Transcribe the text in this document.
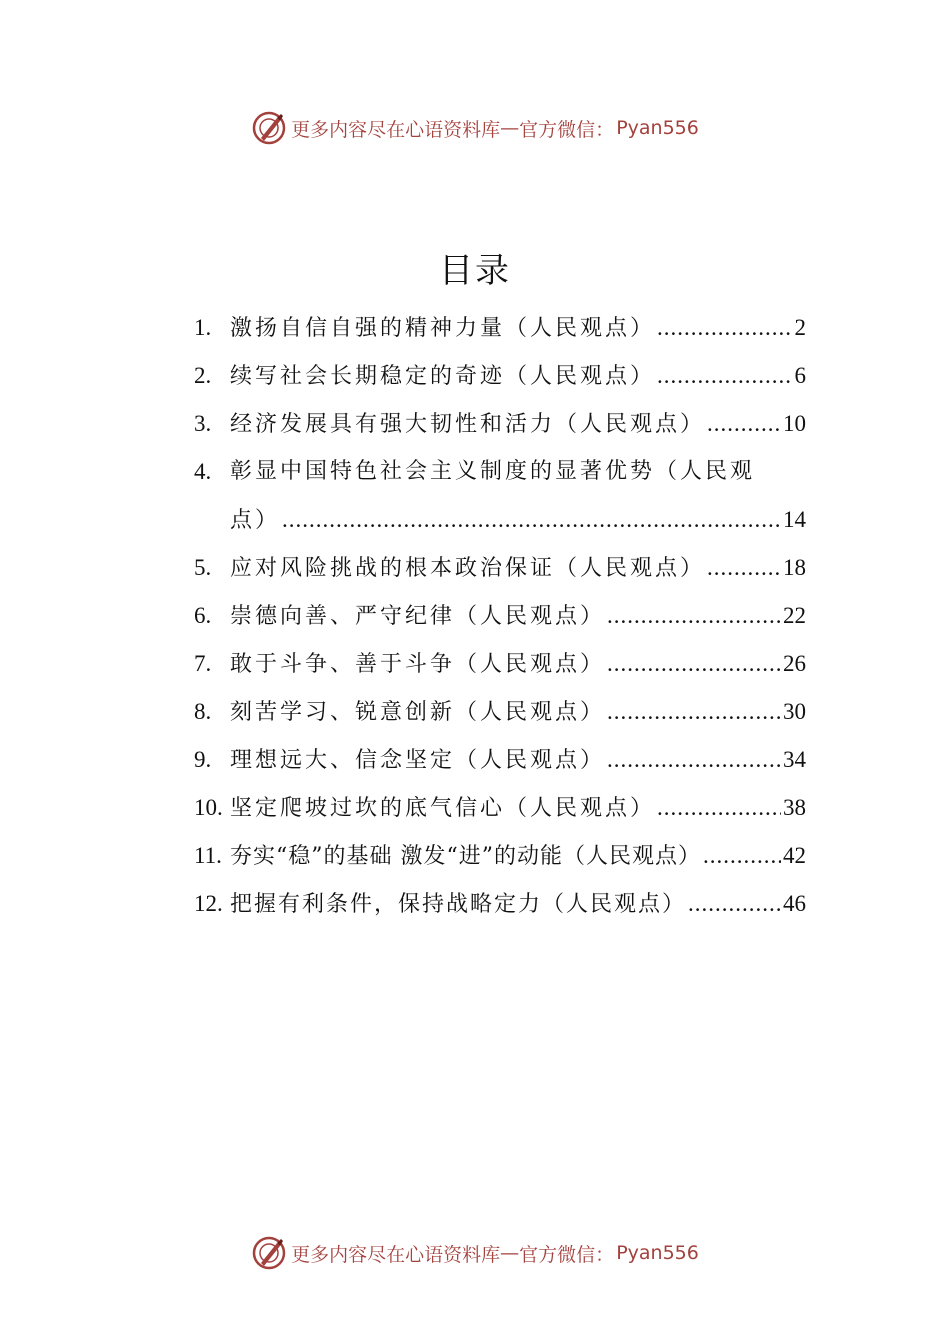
更多内容尽在心语资料库 — 官方微信： Pyan556
目录
1. 激扬自信自强的精神力量（人民观点） .....	2
2. 续写社会长期稳定的奇迹（人民观点） .....	6
3. 经济发展具有强大韧性和活力（人民观点） .....	10
4. 彰显中国特色社会主义制度的显著优势（人民观
点） .....	14
5. 应对风险挑战的根本政治保证（人民观点） .....	18
6. 崇德向善、严守纪律（人民观点） .....	22
7. 敢于斗争、善于斗争（人民观点） .....	26
8. 刻苦学习、锐意创新（人民观点） .....	30
9. 理想远大、信念坚定（人民观点） .....	34
10. 坚定爬坡过坎的底气信心（人民观点） .....	38
11. 夯实“稳”的基础 激发“进”的动能（人民观点） .....	42
12. 把握有利条件，保持战略定力（人民观点） .....	46
更多内容尽在心语资料库 — 官方微信： Pyan556
